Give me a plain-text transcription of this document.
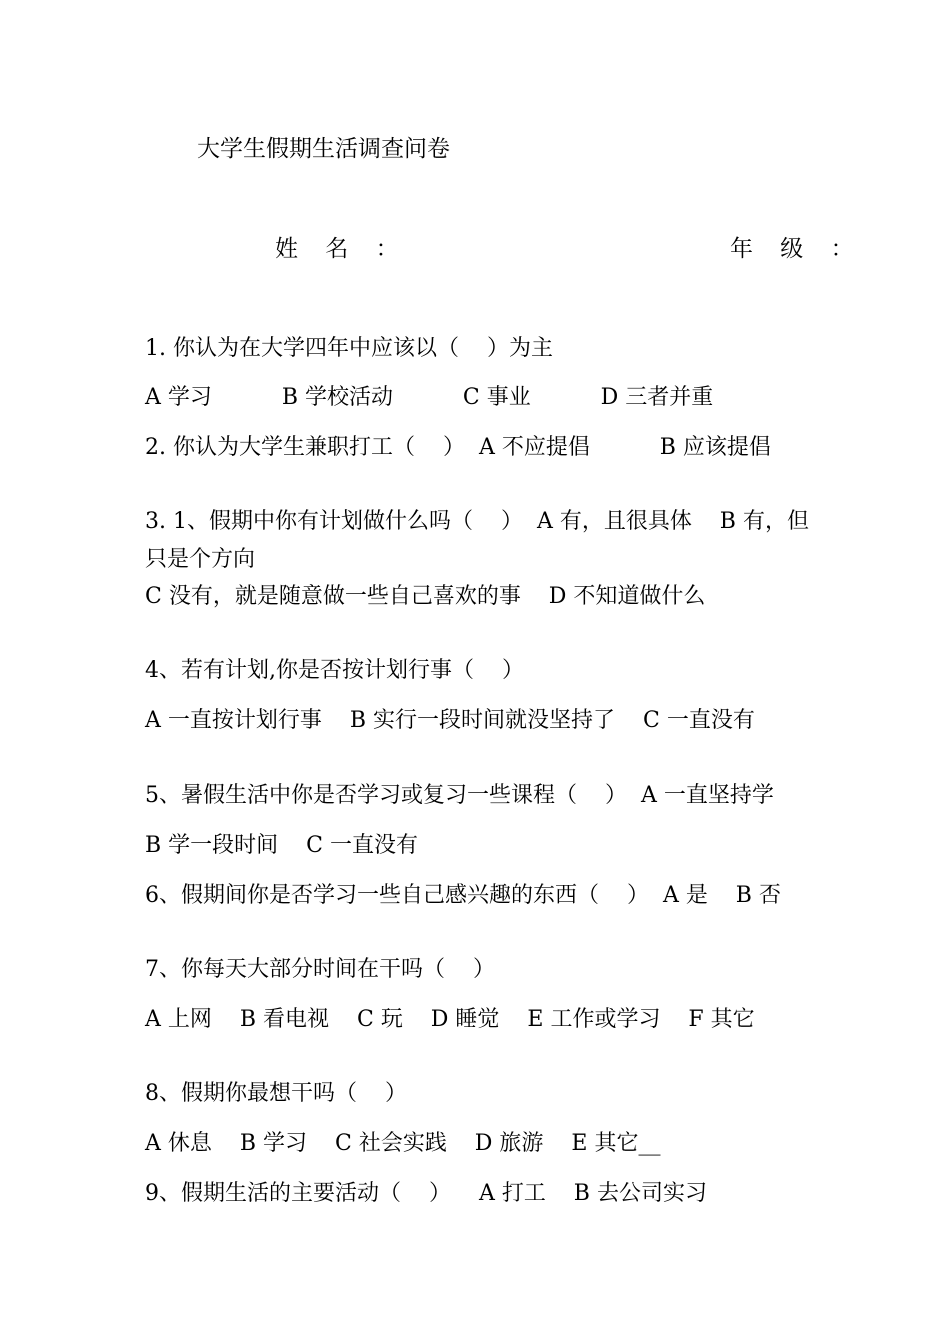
大学生假期生活调查问卷
姓 名 ：	年 级 ：
1. 你认为在大学四年中应该以（    ）为主
A 学习          B 学校活动          C 事业          D 三者并重
2. 你认为大学生兼职打工（    ）  A 不应提倡          B 应该提倡
3. 1、假期中你有计划做什么吗（    ）  A 有，且很具体    B 有，但
只是个方向
C 没有，就是随意做一些自己喜欢的事    D 不知道做什么
4、若有计划,你是否按计划行事（    ）
A 一直按计划行事    B 实行一段时间就没坚持了    C 一直没有
5、暑假生活中你是否学习或复习一些课程（    ）  A 一直坚持学
B 学一段时间    C 一直没有
6、假期间你是否学习一些自己感兴趣的东西（    ）  A 是    B 否
7、你每天大部分时间在干吗（    ）
A 上网    B 看电视    C 玩    D 睡觉    E 工作或学习    F 其它
8、假期你最想干吗（    ）
A 休息    B 学习    C 社会实践    D 旅游    E 其它__
9、假期生活的主要活动（    ）    A 打工    B 去公司实习
